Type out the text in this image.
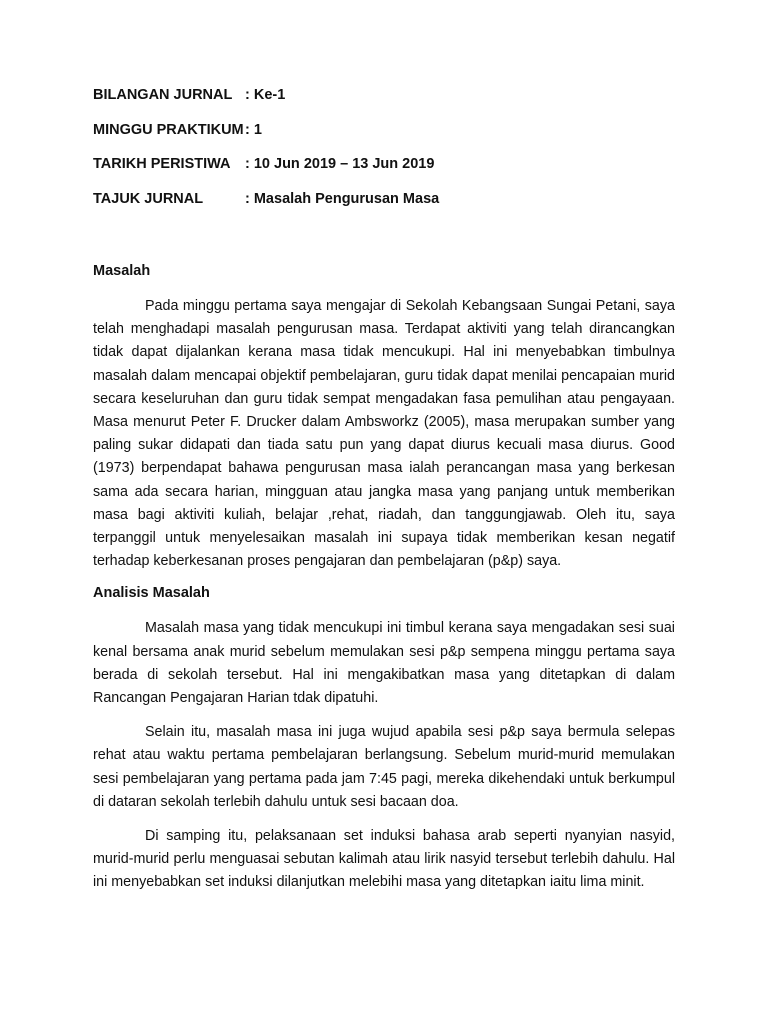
BILANGAN JURNAL : Ke-1
MINGGU PRAKTIKUM : 1
TARIKH PERISTIWA	: 10 Jun 2019 – 13 Jun 2019
TAJUK JURNAL	: Masalah Pengurusan Masa
Masalah

Pada minggu pertama saya mengajar di Sekolah Kebangsaan Sungai Petani, saya telah menghadapi masalah pengurusan masa. Terdapat aktiviti yang telah dirancangkan tidak dapat dijalankan kerana masa tidak mencukupi. Hal ini menyebabkan timbulnya masalah dalam mencapai objektif pembelajaran, guru tidak dapat menilai pencapaian murid secara keseluruhan dan guru tidak sempat mengadakan fasa pemulihan atau pengayaan. Masa menurut Peter F. Drucker dalam Ambsworkz (2005), masa merupakan sumber yang paling sukar didapati dan tiada satu pun yang dapat diurus kecuali masa diurus. Good (1973) berpendapat bahawa pengurusan masa ialah perancangan masa yang berkesan sama ada secara harian, mingguan atau jangka masa yang panjang untuk memberikan masa bagi aktiviti kuliah, belajar ,rehat, riadah, dan tanggungjawab. Oleh itu, saya terpanggil untuk menyelesaikan masalah ini supaya tidak memberikan kesan negatif terhadap keberkesanan proses pengajaran dan pembelajaran (p&p) saya.

Analisis Masalah

Masalah masa yang tidak mencukupi ini timbul kerana saya mengadakan sesi suai kenal bersama anak murid sebelum memulakan sesi p&p sempena minggu pertama saya berada di sekolah tersebut. Hal ini mengakibatkan masa yang ditetapkan di dalam Rancangan Pengajaran Harian tdak dipatuhi.

Selain itu, masalah masa ini juga wujud apabila sesi p&p saya bermula selepas rehat atau waktu pertama pembelajaran berlangsung. Sebelum murid-murid memulakan sesi pembelajaran yang pertama pada jam 7:45 pagi, mereka dikehendaki untuk berkumpul di dataran sekolah terlebih dahulu untuk sesi bacaan doa.

Di samping itu, pelaksanaan set induksi bahasa arab seperti nyanyian nasyid, murid-murid perlu menguasai sebutan kalimah atau lirik nasyid tersebut terlebih dahulu. Hal ini menyebabkan set induksi dilanjutkan melebihi masa yang ditetapkan iaitu lima minit.
